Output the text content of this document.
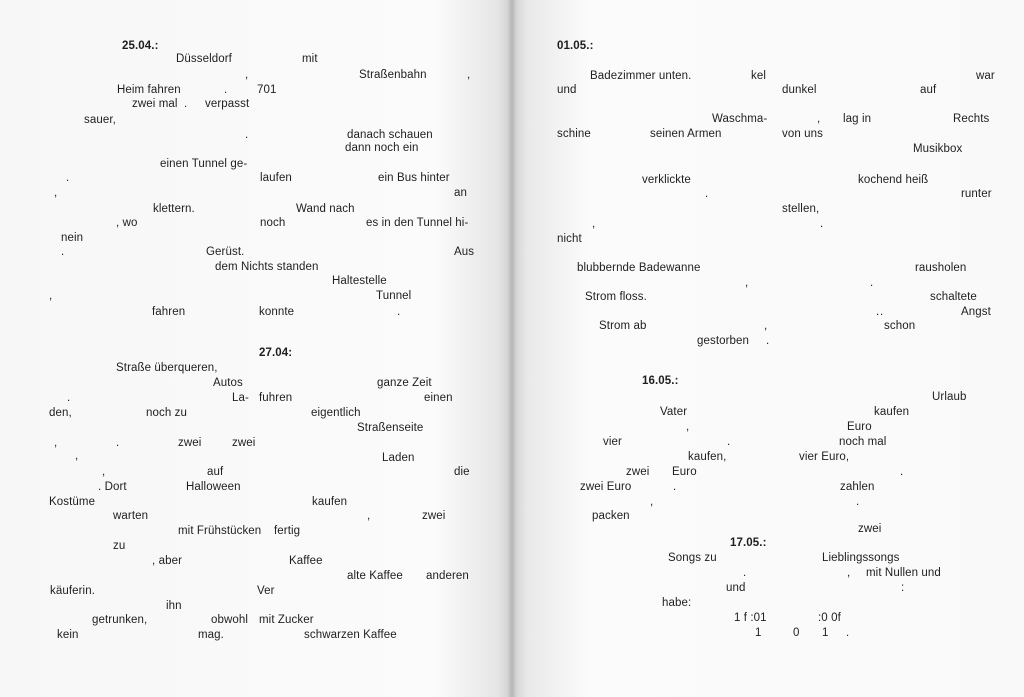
25.04.:
Düsseldorf	mit
,	Straßenbahn	,
Heim fahren	.	701
zwei mal . verpasst
sauer,
.	danach schauen
dann noch ein
einen Tunnel ge-
.	laufen	ein Bus hinter
,	an
klettern.	Wand nach
, wo	noch	es in den Tunnel hi-
nein
.	Gerüst.	Aus
dem Nichts standen
Haltestelle
,	Tunnel
fahren	konnte	.
27.04:
Straße überqueren,
Autos	ganze Zeit
.	La- fuhren	einen
den,	noch zu	eigentlich
Straßenseite
,	.	zwei	zwei
,	Laden
,	auf	die
. Dort	Halloween
Kostüme	kaufen
warten	,	zwei
mit Frühstücken fertig
zu
, aber	Kaffee
alte Kaffee anderen
käuferin.	Ver
ihn
getrunken,	obwohl mit Zucker
kein	mag.	schwarzen Kaffee
01.05.:
Badezimmer unten.	kel	war
und	dunkel	auf
Waschma-	, lag in	Rechts
schine	seinen Armen	von uns
Musikbox
verklickte	kochend heiß
.	runter
stellen,
,	.
nicht
blubbernde Badewanne	rausholen
,	.
Strom floss.
.
schaltete
.	Angst
Strom ab	,	schon
gestorben .
16.05.:
Urlaub
Vater	kaufen
,	Euro
vier	.	noch mal
kaufen,	vier Euro,
zwei Euro	.
zwei Euro	.	zahlen
,	.
packen
zwei
17.05.:
Songs zu	Lieblingssongs
.	, mit Nullen und
und	:
habe:
1 f :01	:0 0f
1	0 1 .
